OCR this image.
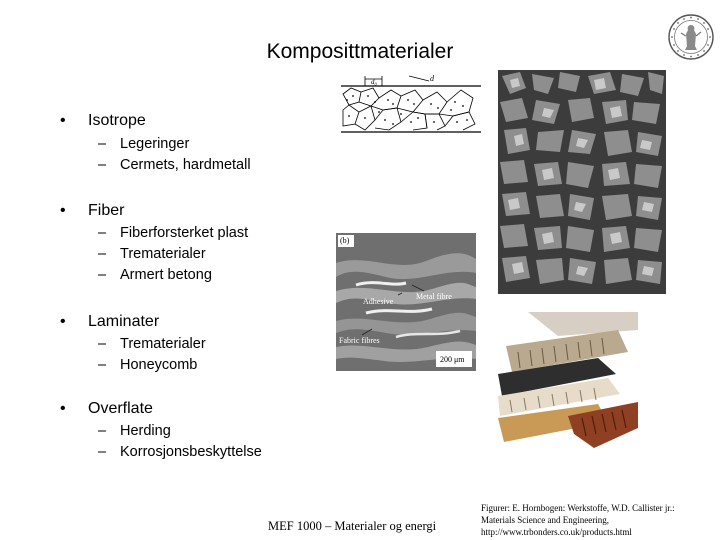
Komposittmaterialer
• Isotrope
– Legeringer
– Cermets, hardmetall
• Fiber
– Fiberforsterket plast
– Trematerialer
– Armert betong
• Laminater
– Trematerialer
– Honeycomb
• Overflate
– Herding
– Korrosjonsbeskyttelse
d₀	d
(b)
Adhesive
Metal fibre
Fabric fibres
200 μm
MEF 1000 – Materialer og energi
Figurer: E. Hornbogen: Werkstoffe, W.D. Callister jr.:
Materials Science and Engineering,
http://www.trbonders.co.uk/products.html
